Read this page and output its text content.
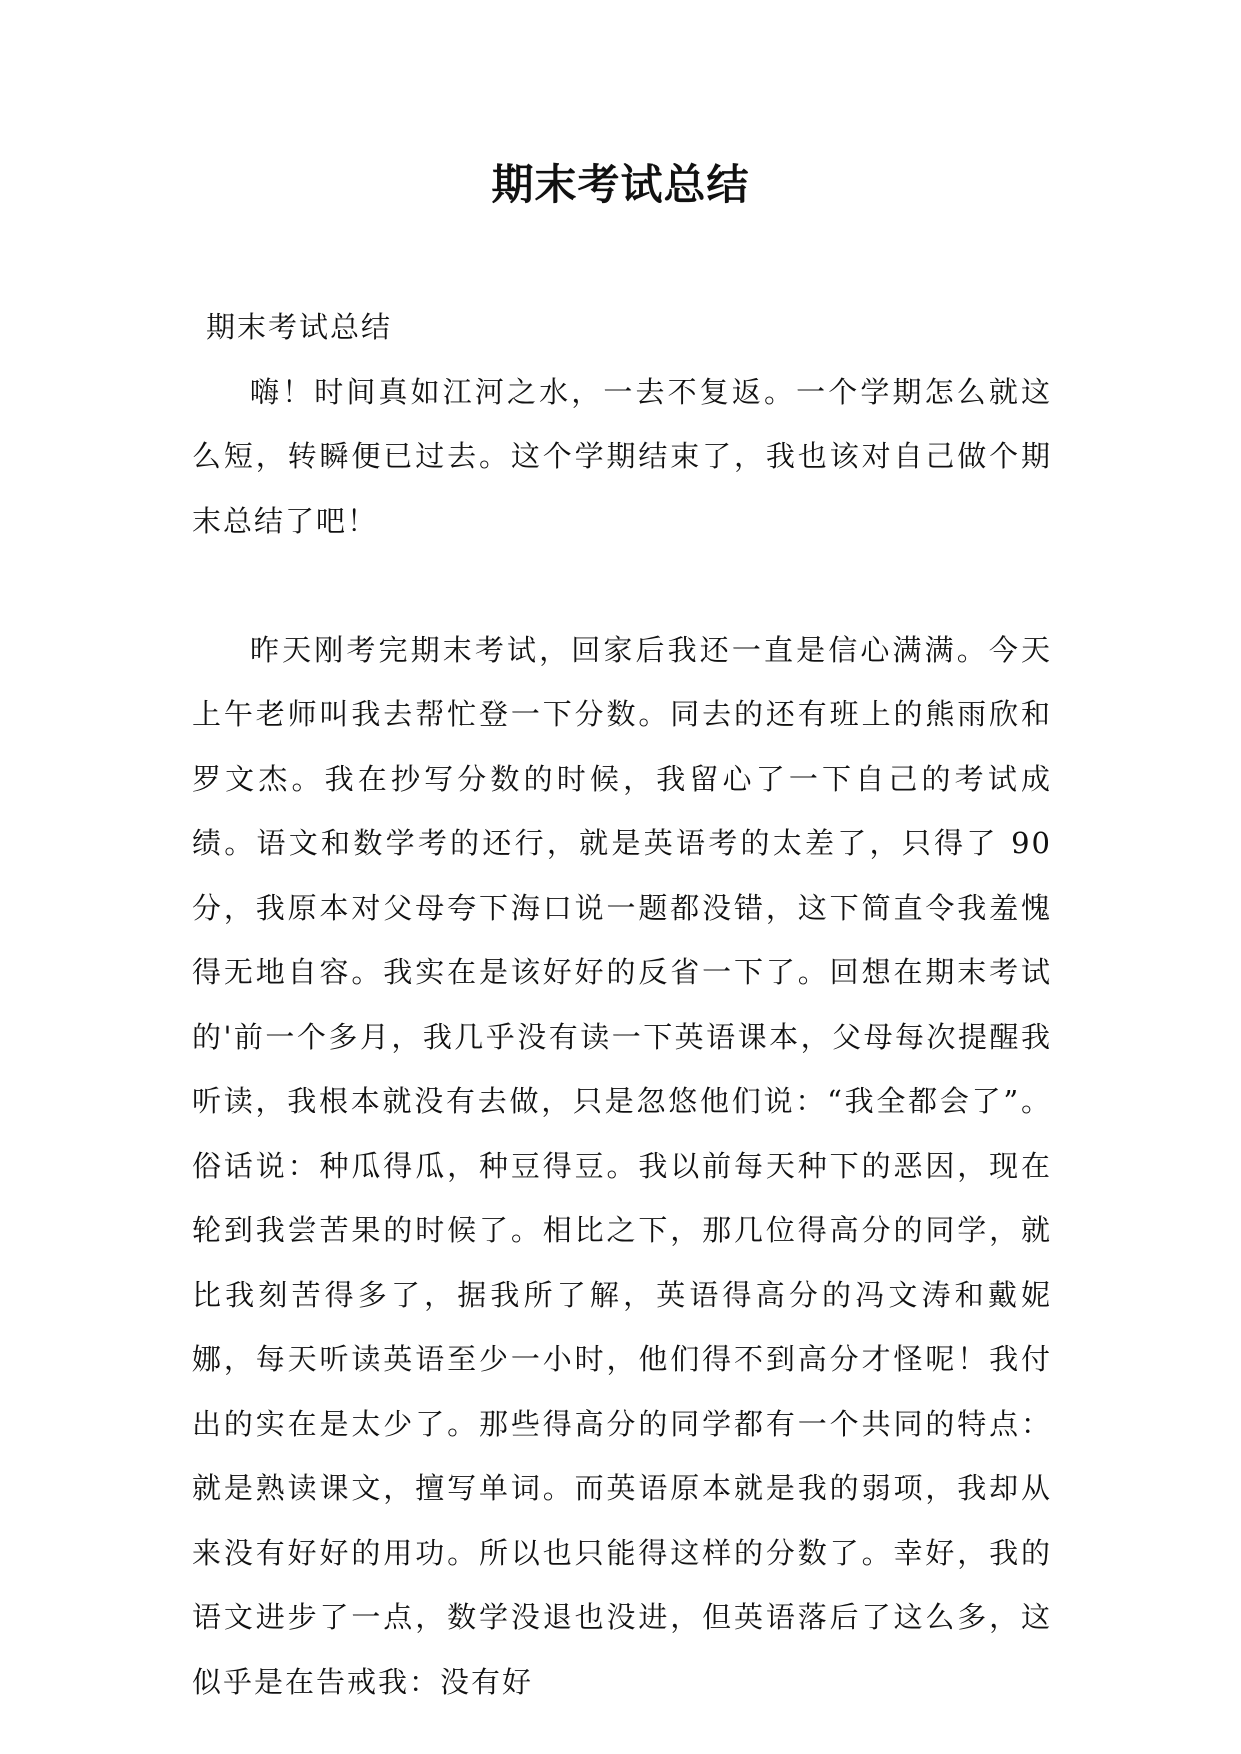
期末考试总结

期末考试总结

嗨！时间真如江河之水，一去不复返。一个学期怎么就这么短，转瞬便已过去。这个学期结束了，我也该对自己做个期末总结了吧！

昨天刚考完期末考试，回家后我还一直是信心满满。今天上午老师叫我去帮忙登一下分数。同去的还有班上的熊雨欣和罗文杰。我在抄写分数的时候，我留心了一下自己的考试成绩。语文和数学考的还行，就是英语考的太差了，只得了 90 分，我原本对父母夸下海口说一题都没错，这下简直令我羞愧得无地自容。我实在是该好好的反省一下了。回想在期末考试的'前一个多月，我几乎没有读一下英语课本，父母每次提醒我听读，我根本就没有去做，只是忽悠他们说：“我全都会了”。俗话说：种瓜得瓜，种豆得豆。我以前每天种下的恶因，现在轮到我尝苦果的时候了。相比之下，那几位得高分的同学，就比我刻苦得多了，据我所了解，英语得高分的冯文涛和戴妮娜，每天听读英语至少一小时，他们得不到高分才怪呢！我付出的实在是太少了。那些得高分的同学都有一个共同的特点：就是熟读课文，擅写单词。而英语原本就是我的弱项，我却从来没有好好的用功。所以也只能得这样的分数了。幸好，我的语文进步了一点，数学没退也没进，但英语落后了这么多，这似乎是在告戒我：没有好
